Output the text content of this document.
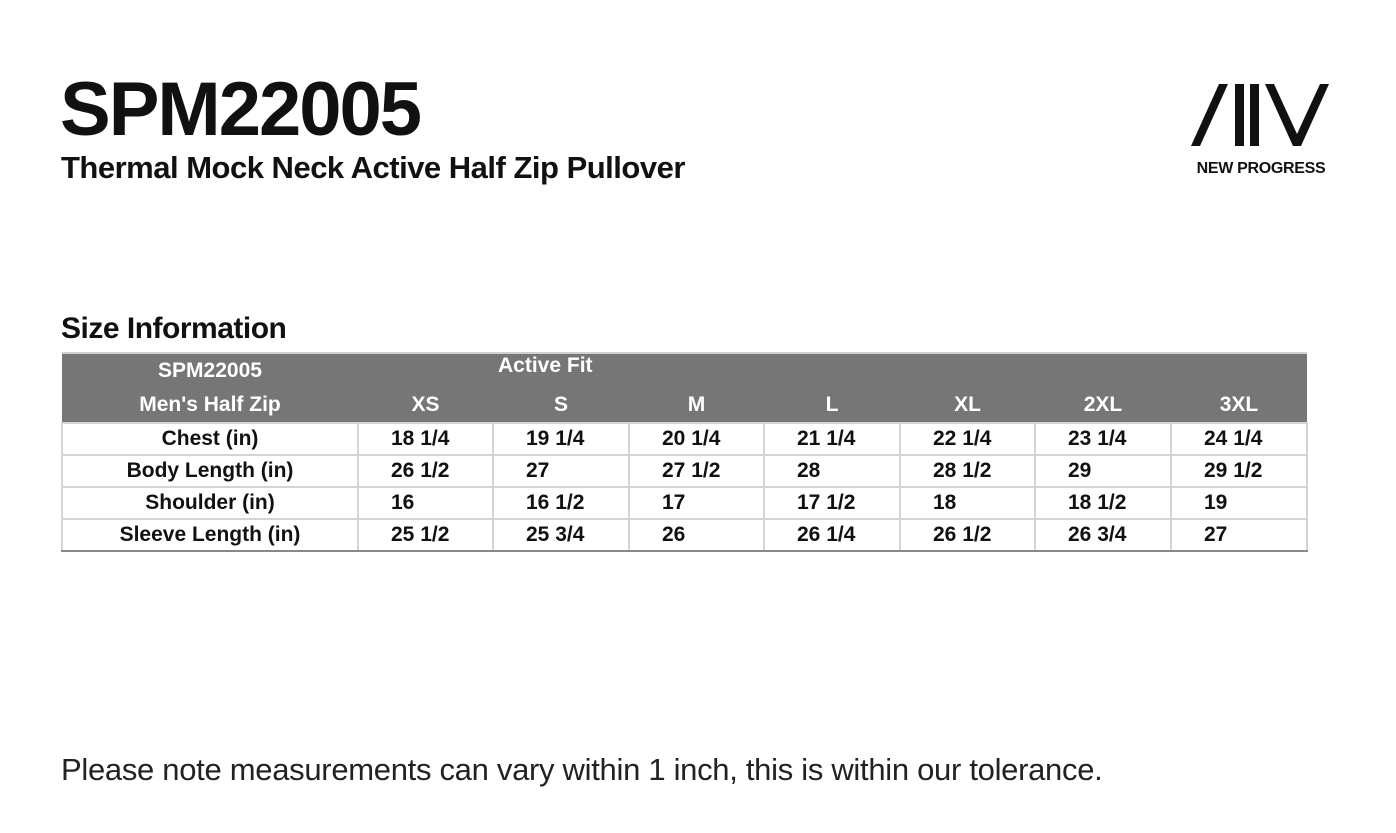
SPM22005
Thermal Mock Neck Active Half Zip Pullover	NEW PROGRESS
Size Information
SPM22005		Active Fit					
Men's Half Zip	XS	S	M	L	XL	2XL	3XL
Chest (in)	18 1/4	19 1/4	20 1/4	21 1/4	22 1/4	23 1/4	24 1/4
Body Length (in)	26 1/2	27	27 1/2	28	28 1/2	29	29 1/2
Shoulder (in)	16	16 1/2	17	17 1/2	18	18 1/2	19
Sleeve Length (in)	25 1/2	25 3/4	26	26 1/4	26 1/2	26 3/4	27
Please note measurements can vary within 1 inch, this is within our tolerance.
